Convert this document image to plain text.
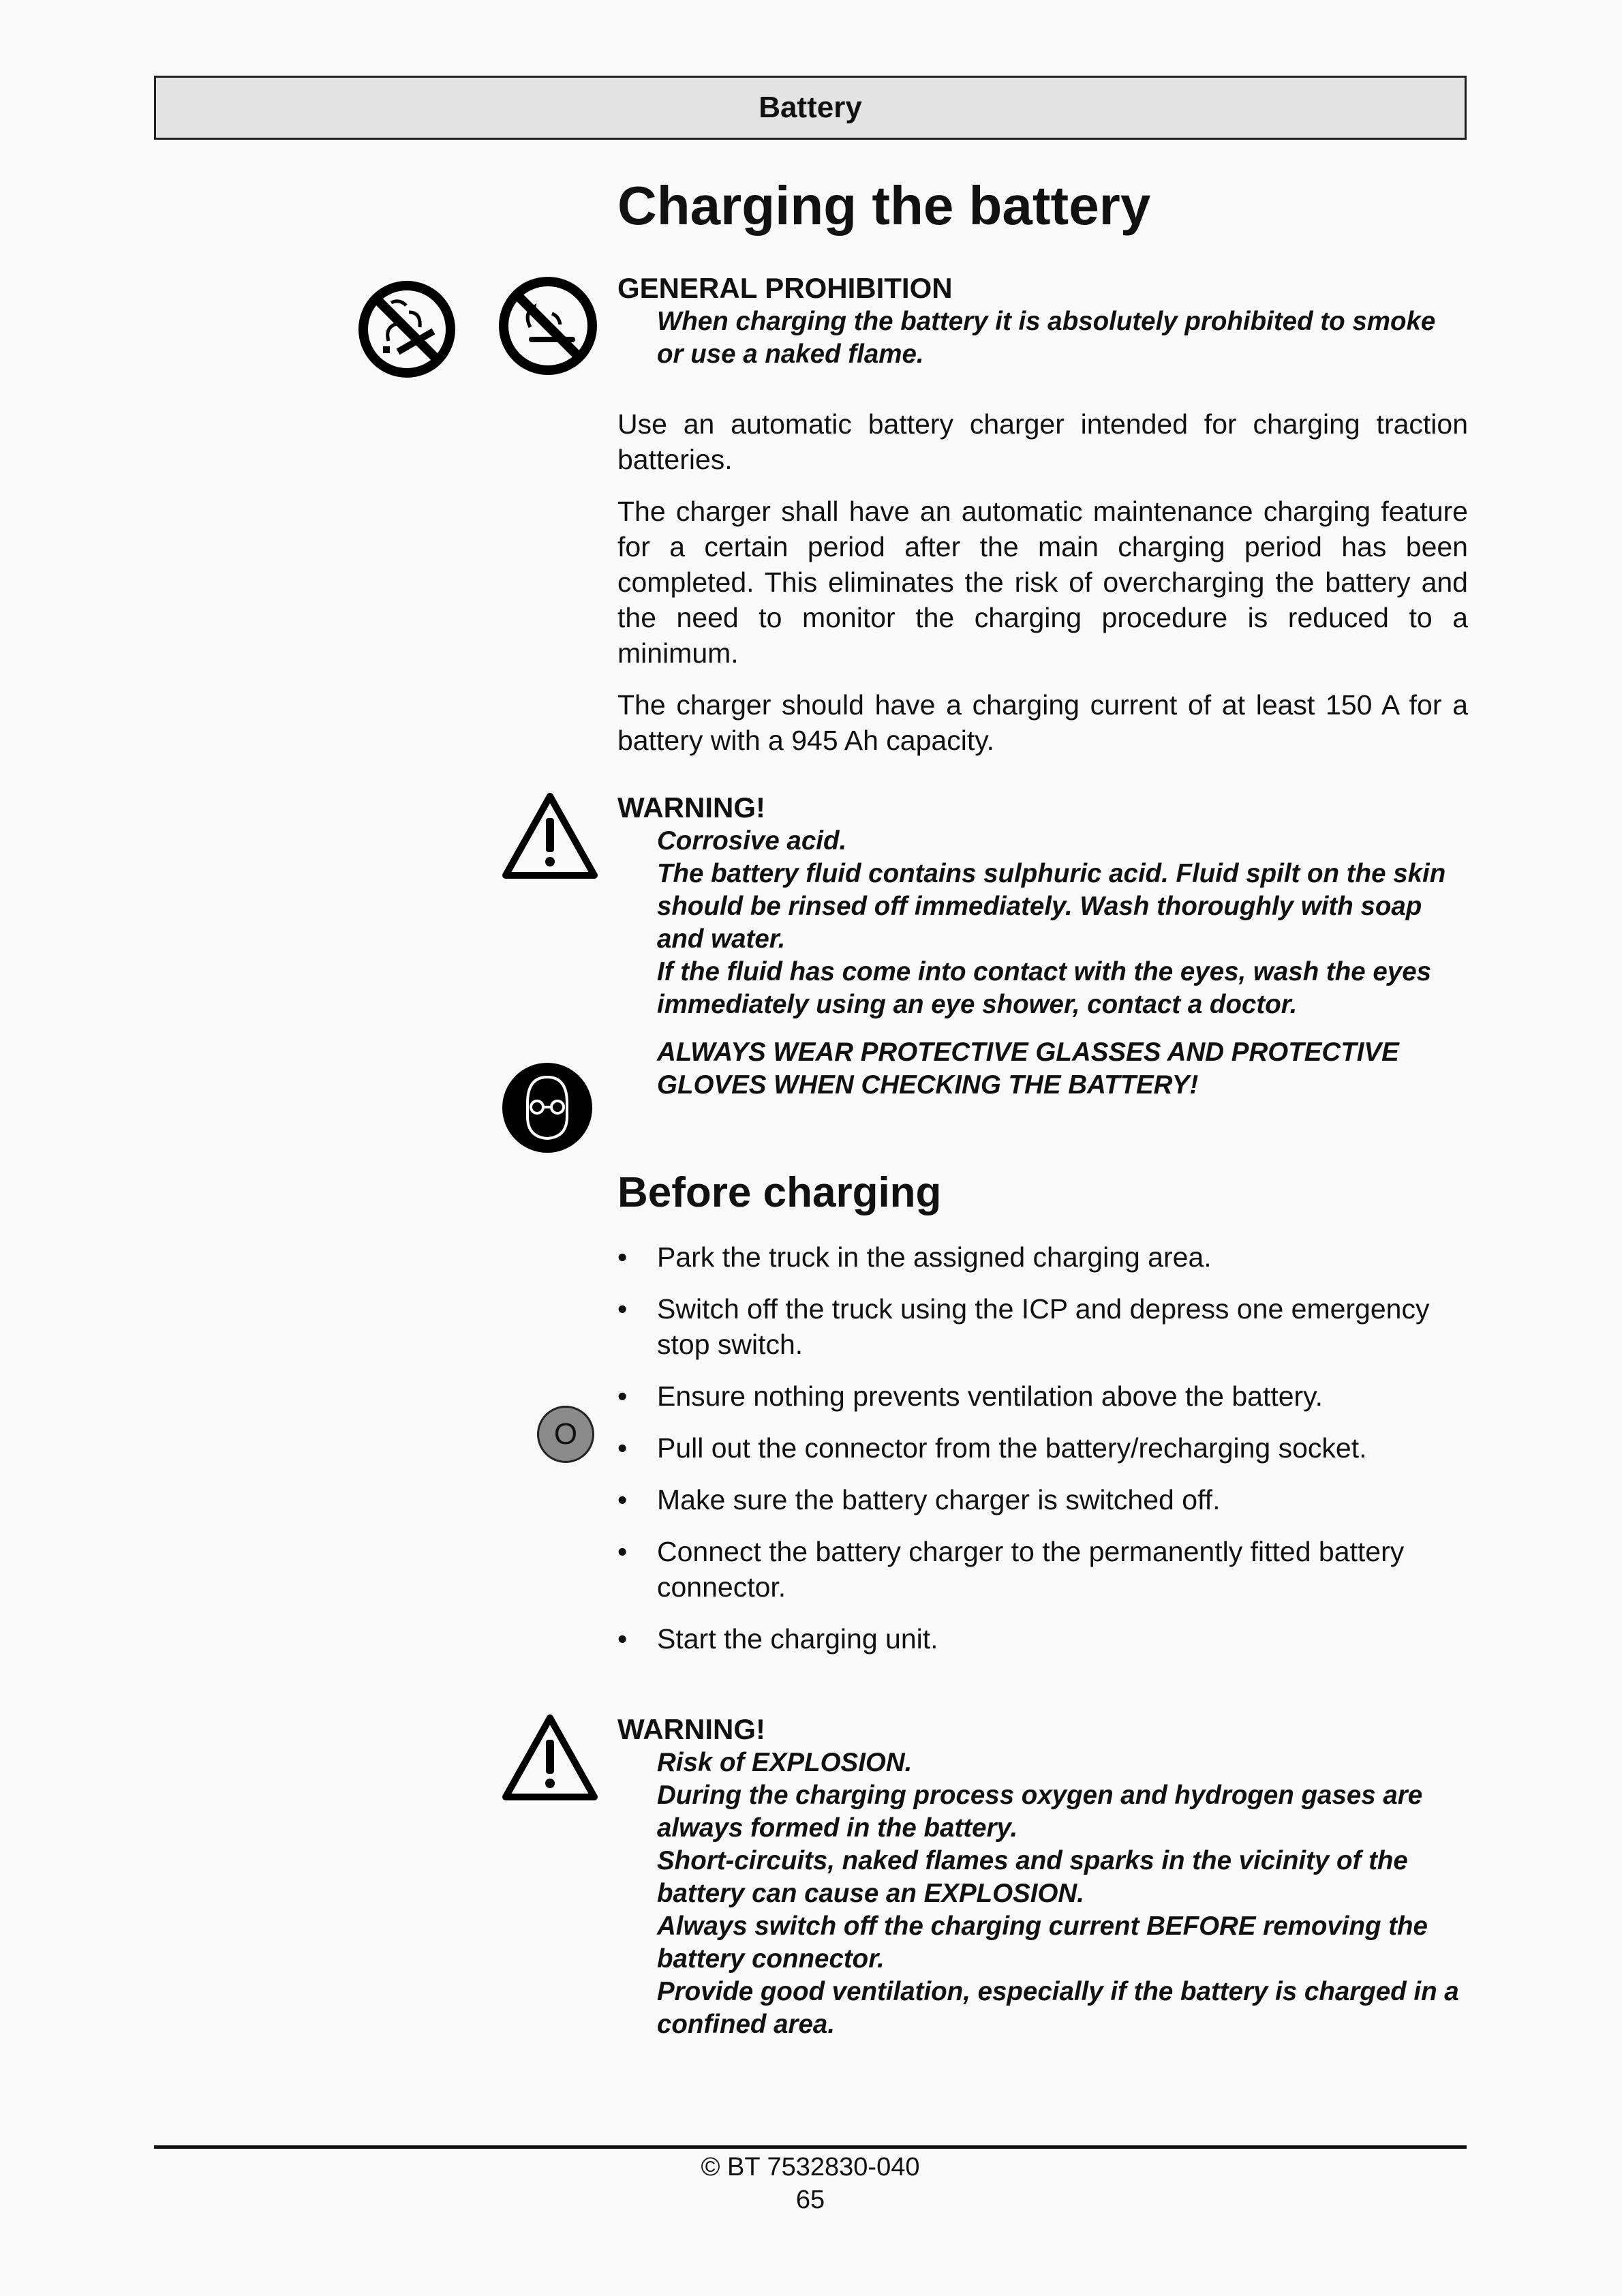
Battery
Charging the battery
GENERAL PROHIBITION
When charging the battery it is absolutely prohibited to smoke or use a naked flame.

Use an automatic battery charger intended for charging traction batteries.

The charger shall have an automatic maintenance charging feature for a certain period after the main charging period has been completed. This eliminates the risk of overcharging the battery and the need to monitor the charging procedure is reduced to a minimum.

The charger should have a charging current of at least 150 A for a battery with a 945 Ah capacity.

WARNING!
Corrosive acid.
The battery fluid contains sulphuric acid. Fluid spilt on the skin should be rinsed off immediately. Wash thoroughly with soap and water.
If the fluid has come into contact with the eyes, wash the eyes immediately using an eye shower, contact a doctor.
ALWAYS WEAR PROTECTIVE GLASSES AND PROTECTIVE GLOVES WHEN CHECKING THE BATTERY!
Before charging
• Park the truck in the assigned charging area.
• Switch off the truck using the ICP and depress one emergency stop switch.
• Ensure nothing prevents ventilation above the battery.
• Pull out the connector from the battery/recharging socket.
• Make sure the battery charger is switched off.
• Connect the battery charger to the permanently fitted battery connector.
• Start the charging unit.
O
WARNING!
Risk of EXPLOSION.
During the charging process oxygen and hydrogen gases are always formed in the battery.
Short-circuits, naked flames and sparks in the vicinity of the battery can cause an EXPLOSION.
Always switch off the charging current BEFORE removing the battery connector.
Provide good ventilation, especially if the battery is charged in a confined area.
© BT 7532830-040
65
